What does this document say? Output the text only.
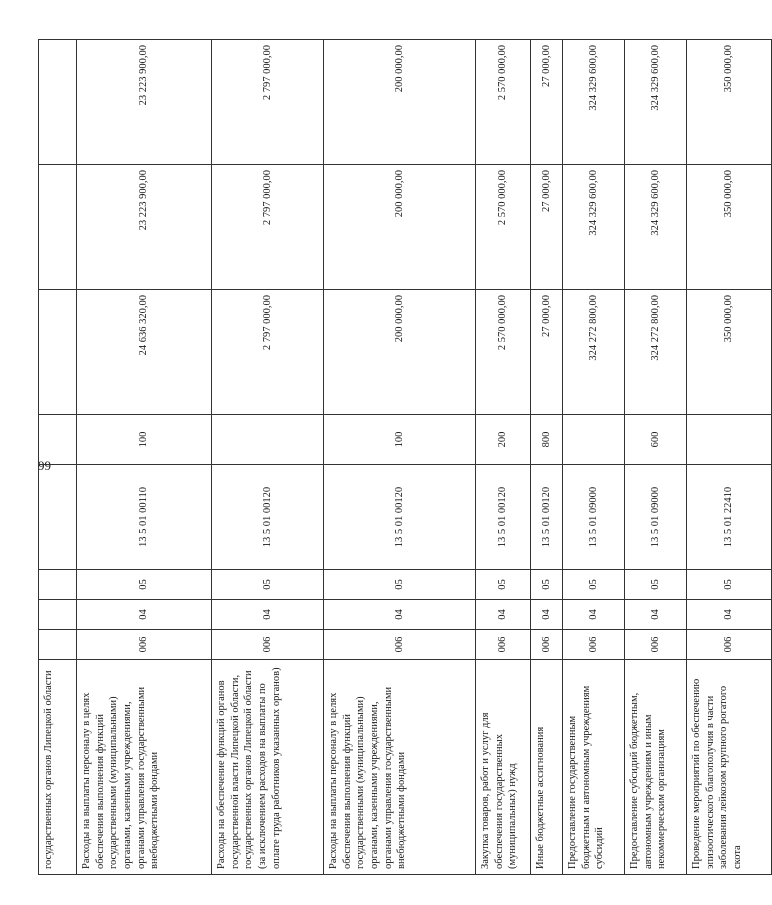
99
государственных органов Липецкой области								
Расходы на выплаты персоналу в целях обеспечения выполнения функций государственными (муниципальными) органами, казенными учреждениями, органами управления государственными внебюджетными фондами	006	04	05	13 5 01 00110	100	24 636 320,00	23 223 900,00	23 223 900,00
Расходы на обеспечение функций органов государственной власти Липецкой области, государственных органов Липецкой области (за исключением расходов на выплаты по оплате труда работников указанных органов)	006	04	05	13 5 01 00120		2 797 000,00	2 797 000,00	2 797 000,00
Расходы на выплаты персоналу в целях обеспечения выполнения функций государственными (муниципальными) органами, казенными учреждениями, органами управления государственными внебюджетными фондами	006	04	05	13 5 01 00120	100	200 000,00	200 000,00	200 000,00
Закупка товаров, работ и услуг для обеспечения государственных (муниципальных) нужд	006	04	05	13 5 01 00120	200	2 570 000,00	2 570 000,00	2 570 000,00
Иные бюджетные ассигнования	006	04	05	13 5 01 00120	800	27 000,00	27 000,00	27 000,00
Предоставление государственным бюджетным и автономным учреждениям субсидий	006	04	05	13 5 01 09000		324 272 800,00	324 329 600,00	324 329 600,00
Предоставление субсидий бюджетным, автономным учреждениям и иным некоммерческим организациям	006	04	05	13 5 01 09000	600	324 272 800,00	324 329 600,00	324 329 600,00
Проведение мероприятий по обеспечению эпизоотического благополучия в части заболевания лейкозом крупного рогатого скота	006	04	05	13 5 01 22410		350 000,00	350 000,00	350 000,00
